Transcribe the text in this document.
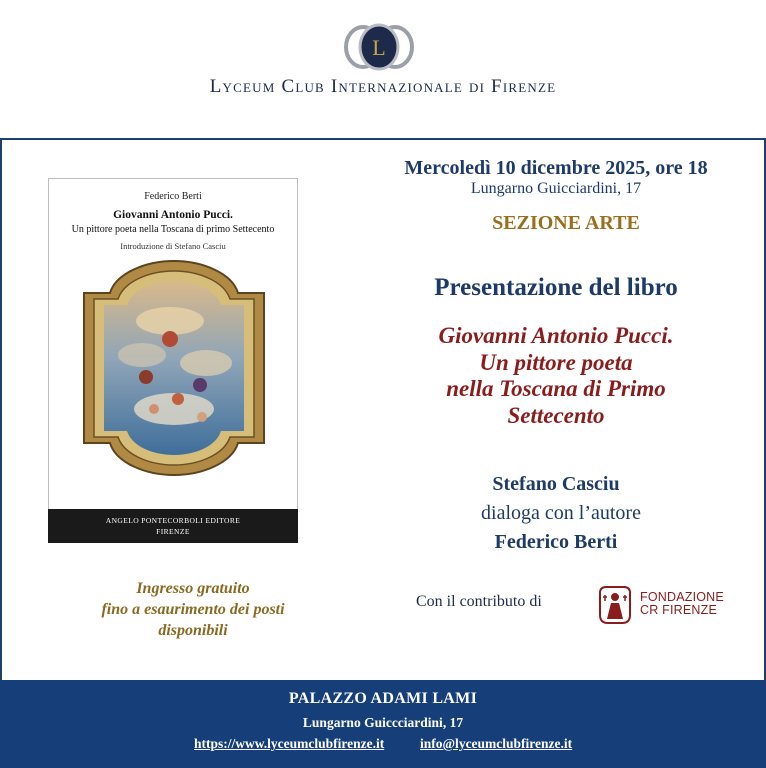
L
Lyceum Club Internazionale di Firenze
Federico Berti
Giovanni Antonio Pucci.
Un pittore poeta nella Toscana di primo Settecento
Introduzione di Stefano Casciu
ANGELO PONTECORBOLI EDITORE
FIRENZE
Ingresso gratuito
fino a esaurimento dei posti
disponibili
Mercoledì 10 dicembre 2025, ore 18
Lungarno Guicciardini, 17
SEZIONE ARTE
Presentazione del libro
Giovanni Antonio Pucci.
Un pittore poeta
nella Toscana di Primo
Settecento
Stefano Casciu
dialoga con l’autore
Federico Berti
Con il contributo di	FONDAZIONE
CR FIRENZE
PALAZZO ADAMI LAMI
Lungarno Guiccciardini, 17
https://www.lyceumclubfirenze.it	info@lyceumclubfirenze.it
